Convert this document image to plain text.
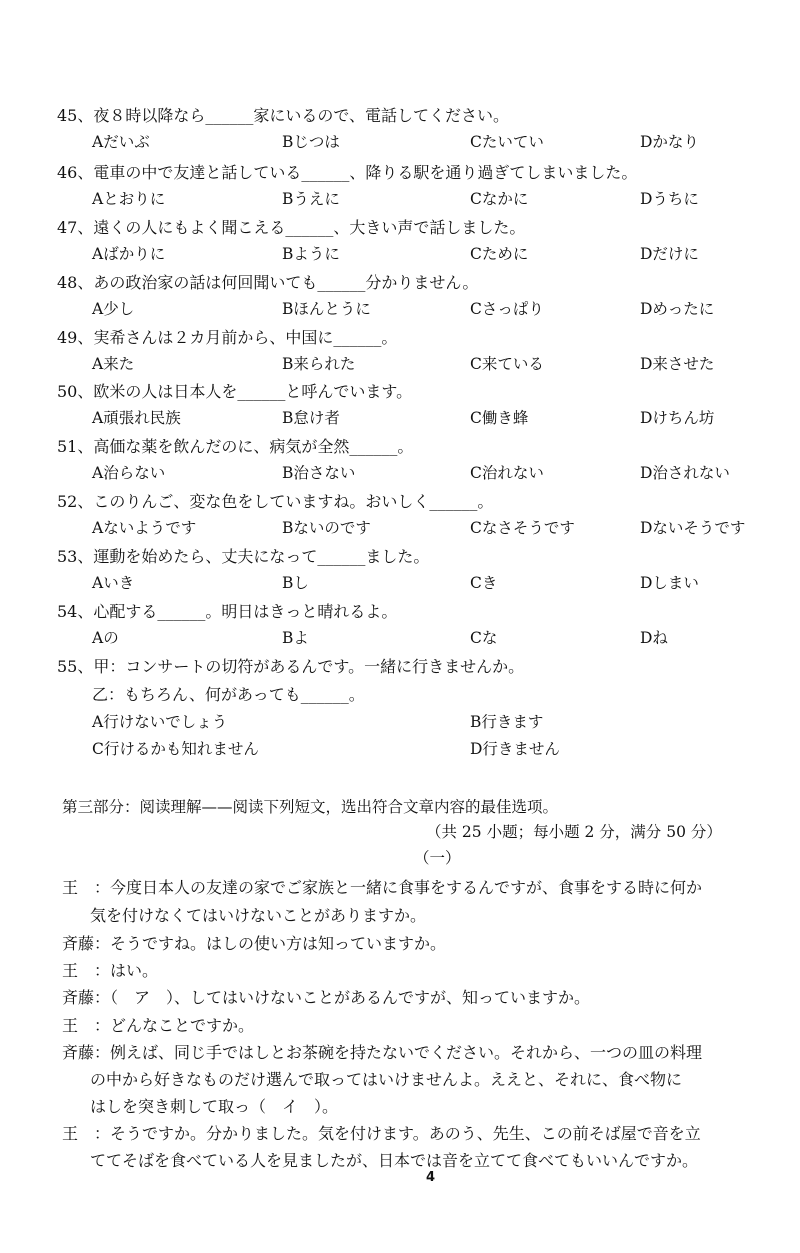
45、夜８時以降なら______家にいるので、電話してください。
Aだいぶ	Bじつは	Cたいてい	Dかなり
46、電車の中で友達と話している______、降りる駅を通り過ぎてしまいました。
Aとおりに	Bうえに	Cなかに	Dうちに
47、遠くの人にもよく聞こえる______、大きい声で話しました。
Aばかりに	Bように	Cために	Dだけに
48、あの政治家の話は何回聞いても______分かりません。
A少し	Bほんとうに	Cさっぱり	Dめったに
49、実希さんは２カ月前から、中国に______。
A来た	B来られた	C来ている	D来させた
50、欧米の人は日本人を______と呼んでいます。
A頑張れ民族	B怠け者	C働き蜂	Dけちん坊
51、高価な薬を飲んだのに、病気が全然______。
A治らない	B治さない	C治れない	D治されない
52、このりんご、変な色をしていますね。おいしく______。
Aないようです	Bないのです	Cなさそうです	Dないそうです
53、運動を始めたら、丈夫になって______ました。
Aいき	Bし	Cき	Dしまい
54、心配する______。明日はきっと晴れるよ。
Aの	Bよ	Cな	Dね
55、甲：コンサートの切符があるんです。一緒に行きませんか。
乙：もちろん、何があっても______。
A行けないでしょう	B行きます
C行けるかも知れません	D行きません
第三部分：阅读理解——阅读下列短文，选出符合文章内容的最佳选项。
（共 25 小题；每小题 2 分，满分 50 分）
（一）
王　：今度日本人の友達の家でご家族と一緒に食事をするんですが、食事をする時に何か
気を付けなくてはいけないことがありますか。
斉藤：そうですね。はしの使い方は知っていますか。
王　：はい。
斉藤：（　ア　）、してはいけないことがあるんですが、知っていますか。
王　：どんなことですか。
斉藤：例えば、同じ手ではしとお茶碗を持たないでください。それから、一つの皿の料理
の中から好きなものだけ選んで取ってはいけませんよ。ええと、それに、食べ物に
はしを突き刺して取っ（　イ　）。
王　：そうですか。分かりました。気を付けます。あのう、先生、この前そば屋で音を立
ててそばを食べている人を見ましたが、日本では音を立てて食べてもいいんですか。
4
